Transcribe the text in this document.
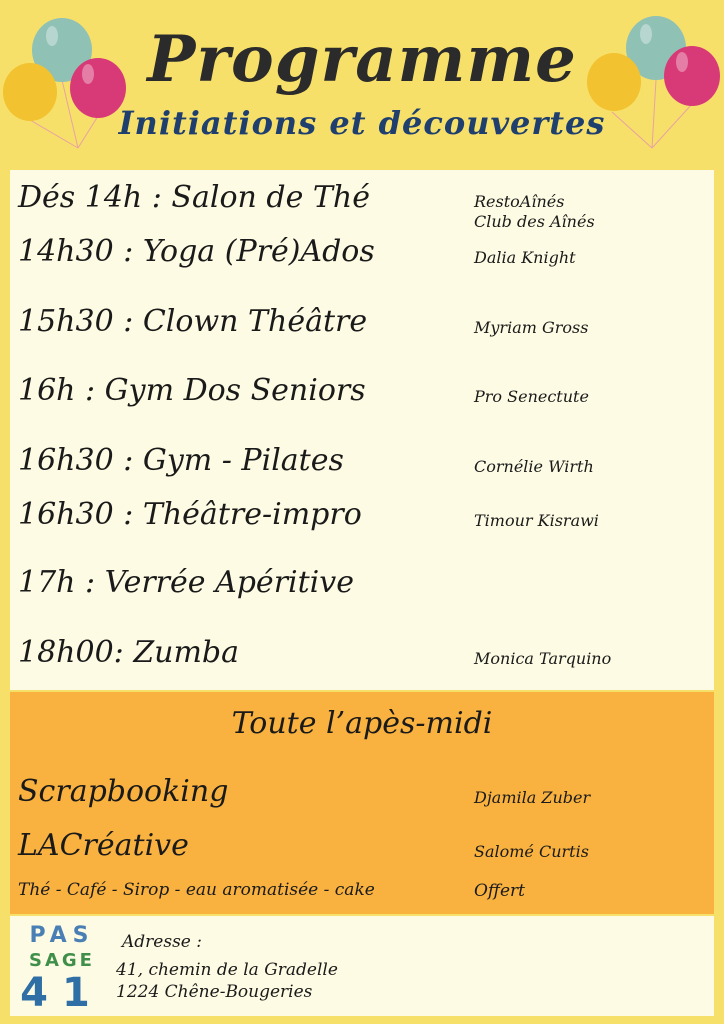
Programme
Initiations et découvertes
Dés 14h : Salon de Thé	RestoAînés
Club des Aînés
14h30 : Yoga (Pré)Ados	Dalia Knight
15h30 : Clown Théâtre	Myriam Gross
16h : Gym Dos Seniors	Pro Senectute
16h30 : Gym - Pilates	Cornélie Wirth
16h30 : Théâtre-impro	Timour Kisrawi
17h : Verrée Apéritive
18h00: Zumba	Monica Tarquino
Toute l’apès-midi
Scrapbooking	Djamila Zuber
LACréative	Salomé Curtis
Thé - Café - Sirop - eau aromatisée - cake	Offert
PAS
SAGE
41
Adresse :
41, chemin de la Gradelle
1224 Chêne-Bougeries
